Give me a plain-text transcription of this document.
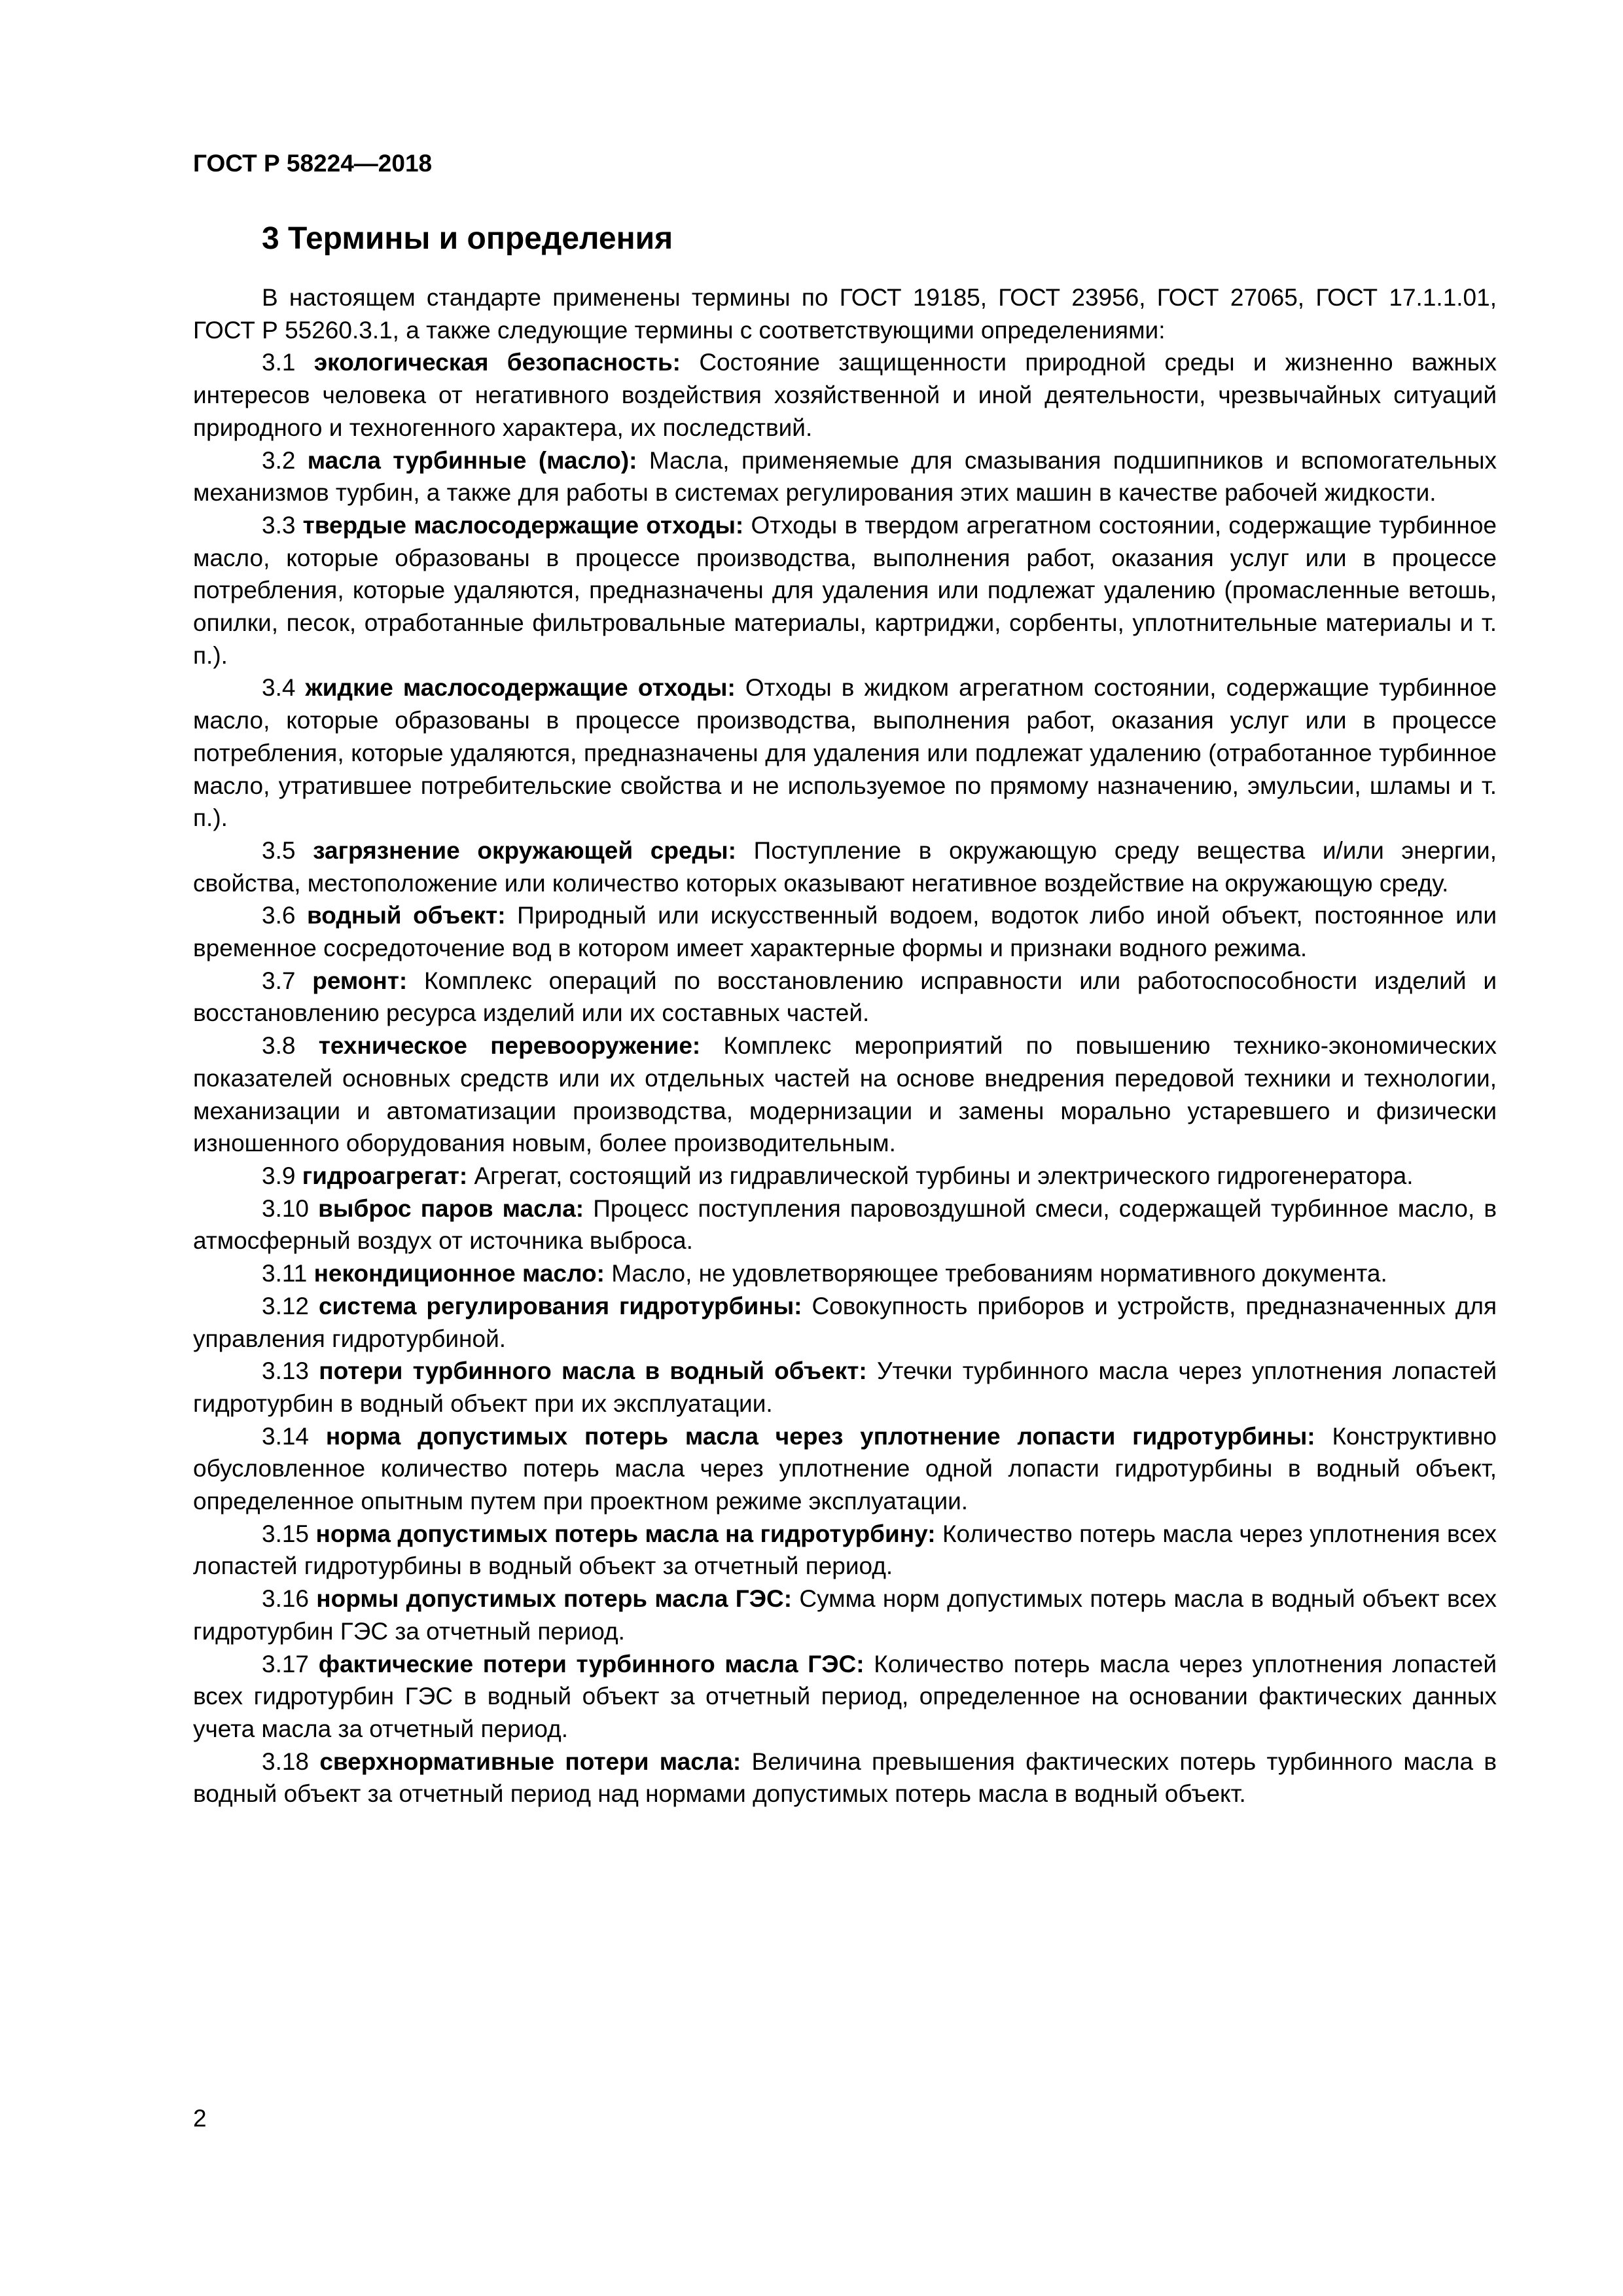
ГОСТ Р 58224—2018
3 Термины и определения

В настоящем стандарте применены термины по ГОСТ 19185, ГОСТ 23956, ГОСТ 27065, ГОСТ 17.1.1.01, ГОСТ Р 55260.3.1, а также следующие термины с соответствующими определениями:

3.1 экологическая безопасность: Состояние защищенности природной среды и жизненно важных интересов человека от негативного воздействия хозяйственной и иной деятельности, чрезвычайных ситуаций природного и техногенного характера, их последствий.

3.2 масла турбинные (масло): Масла, применяемые для смазывания подшипников и вспомогательных механизмов турбин, а также для работы в системах регулирования этих машин в качестве рабочей жидкости.

3.3 твердые маслосодержащие отходы: Отходы в твердом агрегатном состоянии, содержащие турбинное масло, которые образованы в процессе производства, выполнения работ, оказания услуг или в процессе потребления, которые удаляются, предназначены для удаления или подлежат удалению (промасленные ветошь, опилки, песок, отработанные фильтровальные материалы, картриджи, сорбенты, уплотнительные материалы и т. п.).

3.4 жидкие маслосодержащие отходы: Отходы в жидком агрегатном состоянии, содержащие турбинное масло, которые образованы в процессе производства, выполнения работ, оказания услуг или в процессе потребления, которые удаляются, предназначены для удаления или подлежат удалению (отработанное турбинное масло, утратившее потребительские свойства и не используемое по прямому назначению, эмульсии, шламы и т. п.).

3.5 загрязнение окружающей среды: Поступление в окружающую среду вещества и/или энергии, свойства, местоположение или количество которых оказывают негативное воздействие на окружающую среду.

3.6 водный объект: Природный или искусственный водоем, водоток либо иной объект, постоянное или временное сосредоточение вод в котором имеет характерные формы и признаки водного режима.

3.7 ремонт: Комплекс операций по восстановлению исправности или работоспособности изделий и восстановлению ресурса изделий или их составных частей.

3.8 техническое перевооружение: Комплекс мероприятий по повышению технико-экономических показателей основных средств или их отдельных частей на основе внедрения передовой техники и технологии, механизации и автоматизации производства, модернизации и замены морально устаревшего и физически изношенного оборудования новым, более производительным.

3.9 гидроагрегат: Агрегат, состоящий из гидравлической турбины и электрического гидрогенератора.

3.10 выброс паров масла: Процесс поступления паровоздушной смеси, содержащей турбинное масло, в атмосферный воздух от источника выброса.

3.11 некондиционное масло: Масло, не удовлетворяющее требованиям нормативного документа.

3.12 система регулирования гидротурбины: Совокупность приборов и устройств, предназначенных для управления гидротурбиной.

3.13 потери турбинного масла в водный объект: Утечки турбинного масла через уплотнения лопастей гидротурбин в водный объект при их эксплуатации.

3.14 норма допустимых потерь масла через уплотнение лопасти гидротурбины: Конструктивно обусловленное количество потерь масла через уплотнение одной лопасти гидротурбины в водный объект, определенное опытным путем при проектном режиме эксплуатации.

3.15 норма допустимых потерь масла на гидротурбину: Количество потерь масла через уплотнения всех лопастей гидротурбины в водный объект за отчетный период.

3.16 нормы допустимых потерь масла ГЭС: Сумма норм допустимых потерь масла в водный объект всех гидротурбин ГЭС за отчетный период.

3.17 фактические потери турбинного масла ГЭС: Количество потерь масла через уплотнения лопастей всех гидротурбин ГЭС в водный объект за отчетный период, определенное на основании фактических данных учета масла за отчетный период.

3.18 сверхнормативные потери масла: Величина превышения фактических потерь турбинного масла в водный объект за отчетный период над нормами допустимых потерь масла в водный объект.

2
